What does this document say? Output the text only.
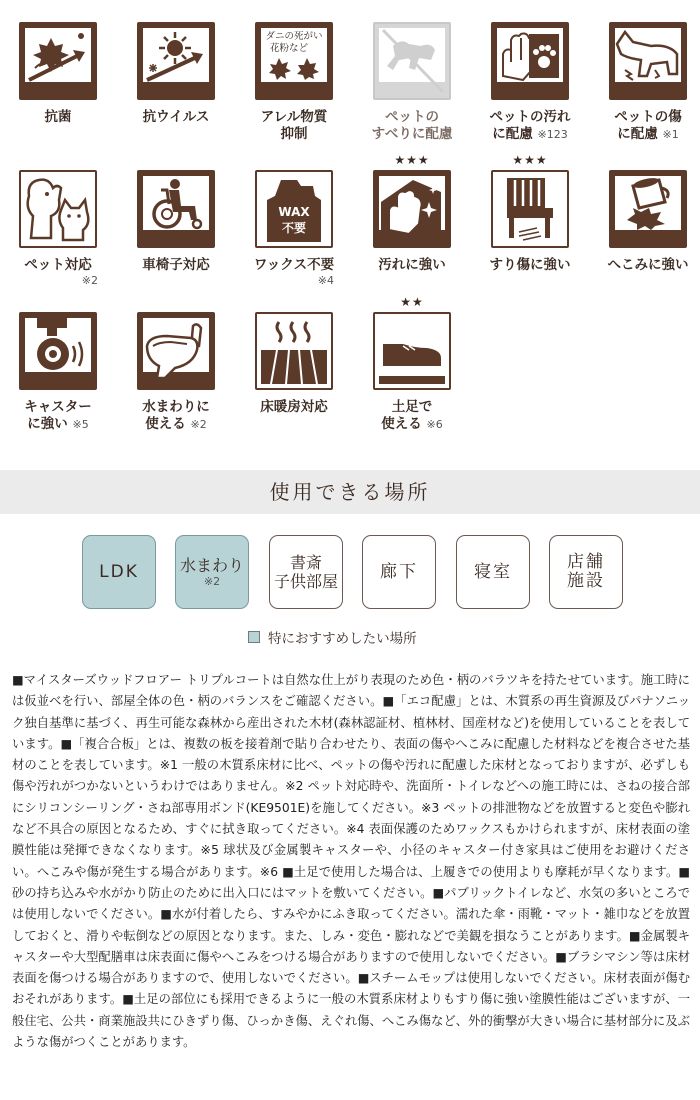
抗菌	抗ウイルス
ダニの死がい
花粉など
アレル物質
抑制
ペットの
すべりに配慮
ペットの汚れ
に配慮 ※123
ペットの傷
に配慮 ※1
ペット対応
※2
車椅子対応
WAX
不要
ワックス不要
※4
★★★
汚れに強い
★★★
すり傷に強い	へこみに強い
キャスター
に強い ※5
水まわりに
使える ※2
床暖房対応
★★
土足で
使える ※6
使用できる場所
LDK	水まわり
※2
書斎
子供部屋 廊下	寝室	店舗
施設
特におすすめしたい場所
■マイスターズウッドフロアー トリプルコートは自然な仕上がり表現のため色・柄のバラツキを持たせています。施工時には仮並べを行い、部屋全体の色・柄のバランスをご確認ください。■「エコ配慮」とは、木質系の再生資源及びパナソニック独自基準に基づく、再生可能な森林から産出された木材(森林認証材、植林材、国産材など)を使用していることを表しています。■「複合合板」とは、複数の板を接着剤で貼り合わせたり、表面の傷やへこみに配慮した材料などを複合させた基材のことを表しています。※1 一般の木質系床材に比べ、ペットの傷や汚れに配慮した床材となっておりますが、必ずしも傷や汚れがつかないというわけではありません。※2 ペット対応時や、洗面所・トイレなどへの施工時には、さねの接合部にシリコンシーリング・さね部専用ボンド(KE9501E)を施してください。※3 ペットの排泄物などを放置すると変色や膨れなど不具合の原因となるため、すぐに拭き取ってください。※4 表面保護のためワックスもかけられますが、床材表面の塗膜性能は発揮できなくなります。※5 球状及び金属製キャスターや、小径のキャスター付き家具はご使用をお避けください。へこみや傷が発生する場合があります。※6 ■土足で使用した場合は、上履きでの使用よりも摩耗が早くなります。■砂の持ち込みや水がかり防止のために出入口にはマットを敷いてください。■パブリックトイレなど、水気の多いところでは使用しないでください。■水が付着したら、すみやかにふき取ってください。濡れた傘・雨靴・マット・雑巾などを放置しておくと、滑りや転倒などの原因となります。また、しみ・変色・膨れなどで美観を損なうことがあります。■金属製キャスターや大型配膳車は床表面に傷やへこみをつける場合がありますので使用しないでください。■ブラシマシン等は床材表面を傷つける場合がありますので、使用しないでください。■スチームモップは使用しないでください。床材表面が傷むおそれがあります。■土足の部位にも採用できるように一般の木質系床材よりもすり傷に強い塗膜性能はございますが、一般住宅、公共・商業施設共にひきずり傷、ひっかき傷、えぐれ傷、へこみ傷など、外的衝撃が大きい場合に基材部分に及ぶような傷がつくことがあります。
